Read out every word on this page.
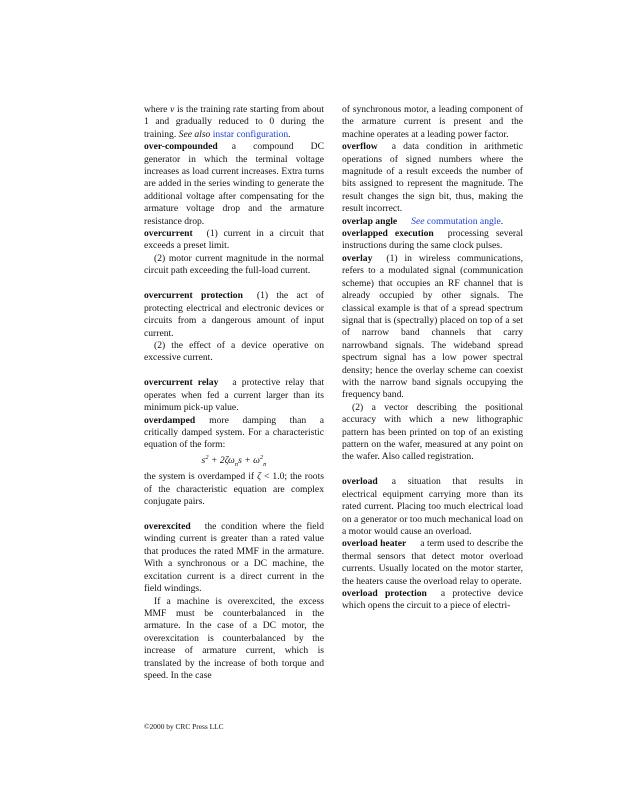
where v is the training rate starting from about 1 and gradually reduced to 0 during the training. See also instar configuration.

over-compounded a compound DC generator in which the terminal voltage increases as load current increases. Extra turns are added in the series winding to generate the additional voltage after compensating for the armature voltage drop and the armature resistance drop.

overcurrent (1) current in a circuit that exceeds a preset limit.

(2) motor current magnitude in the normal circuit path exceeding the full-load current.

overcurrent protection (1) the act of protecting electrical and electronic devices or circuits from a dangerous amount of input current.

(2) the effect of a device operative on excessive current.

overcurrent relay a protective relay that operates when fed a current larger than its minimum pick-up value.

overdamped more damping than a critically damped system. For a characteristic equation of the form:

$s^2 + 2\zeta\omega_ns + \omega^2_n$

the system is overdamped if ζ < 1.0; the roots of the characteristic equation are complex conjugate pairs.

overexcited the condition where the field winding current is greater than a rated value that produces the rated MMF in the armature. With a synchronous or a DC machine, the excitation current is a direct current in the field windings.

If a machine is overexcited, the excess MMF must be counterbalanced in the armature. In the case of a DC motor, the overexcitation is counterbalanced by the increase of armature current, which is translated by the increase of both torque and speed. In the case

of synchronous motor, a leading component of the armature current is present and the machine operates at a leading power factor.

overflow a data condition in arithmetic operations of signed numbers where the magnitude of a result exceeds the number of bits assigned to represent the magnitude. The result changes the sign bit, thus, making the result incorrect.

overlap angle See commutation angle.

overlapped execution processing several instructions during the same clock pulses.

overlay (1) in wireless communications, refers to a modulated signal (communication scheme) that occupies an RF channel that is already occupied by other signals. The classical example is that of a spread spectrum signal that is (spectrally) placed on top of a set of narrow band channels that carry narrowband signals. The wideband spread spectrum signal has a low power spectral density; hence the overlay scheme can coexist with the narrow band signals occupying the frequency band.

(2) a vector describing the positional accuracy with which a new lithographic pattern has been printed on top of an existing pattern on the wafer, measured at any point on the wafer. Also called registration.

overload a situation that results in electrical equipment carrying more than its rated current. Placing too much electrical load on a generator or too much mechanical load on a motor would cause an overload.

overload heater a term used to describe the thermal sensors that detect motor overload currents. Usually located on the motor starter, the heaters cause the overload relay to operate.

overload protection a protective device which opens the circuit to a piece of electri-

©2000 by CRC Press LLC
